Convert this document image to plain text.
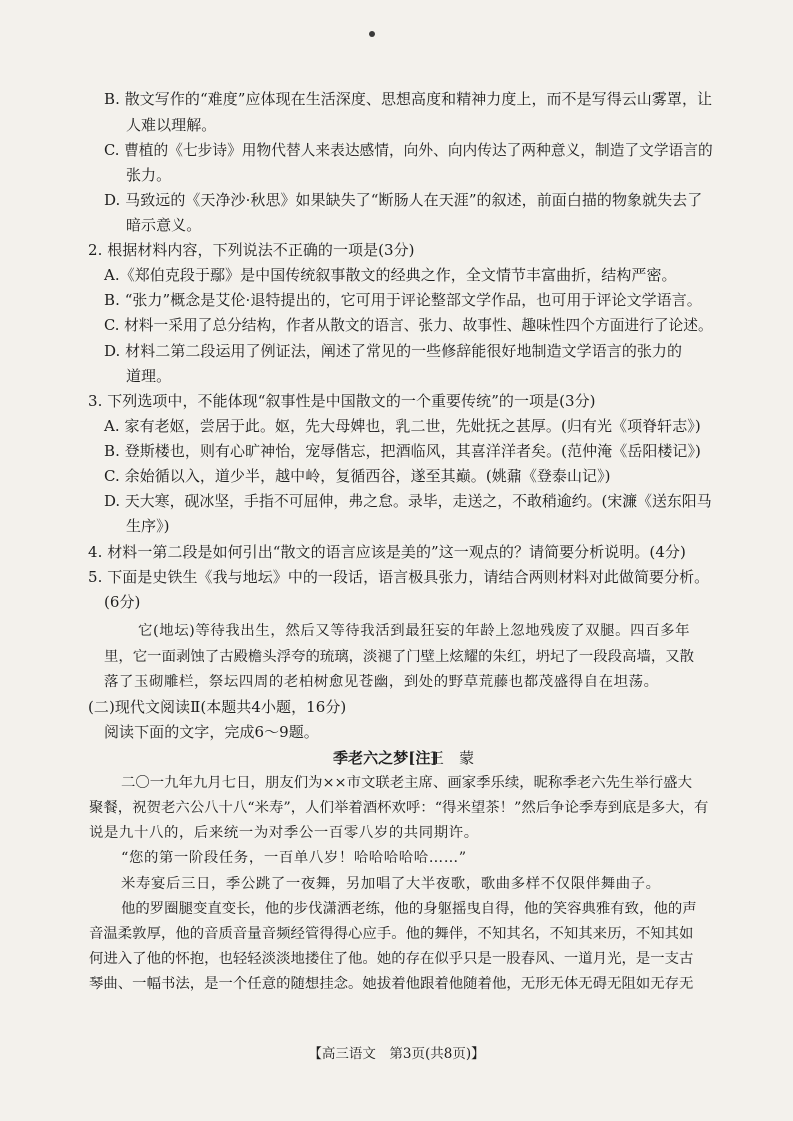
B. 散文写作的“难度”应体现在生活深度、思想高度和精神力度上，而不是写得云山雾罩，让
人难以理解。
C. 曹植的《七步诗》用物代替人来表达感情，向外、向内传达了两种意义，制造了文学语言的
张力。
D. 马致远的《天净沙·秋思》如果缺失了“断肠人在天涯”的叙述，前面白描的物象就失去了
暗示意义。
2. 根据材料内容，下列说法不正确的一项是(3分)
A.《郑伯克段于鄢》是中国传统叙事散文的经典之作，全文情节丰富曲折，结构严密。
B. “张力”概念是艾伦·退特提出的，它可用于评论整部文学作品，也可用于评论文学语言。
C. 材料一采用了总分结构，作者从散文的语言、张力、故事性、趣味性四个方面进行了论述。
D. 材料二第二段运用了例证法，阐述了常见的一些修辞能很好地制造文学语言的张力的
道理。
3. 下列选项中，不能体现“叙事性是中国散文的一个重要传统”的一项是(3分)
A. 家有老妪，尝居于此。妪，先大母婢也，乳二世，先妣抚之甚厚。(归有光《项脊轩志》)
B. 登斯楼也，则有心旷神怡，宠辱偕忘，把酒临风，其喜洋洋者矣。(范仲淹《岳阳楼记》)
C. 余始循以入，道少半，越中岭，复循西谷，遂至其巅。(姚鼐《登泰山记》)
D. 天大寒，砚冰坚，手指不可屈伸，弗之怠。录毕，走送之，不敢稍逾约。(宋濂《送东阳马
生序》)
4. 材料一第二段是如何引出“散文的语言应该是美的”这一观点的？请简要分析说明。(4分)
5. 下面是史铁生《我与地坛》中的一段话，语言极具张力，请结合两则材料对此做简要分析。
(6分)
它(地坛)等待我出生，然后又等待我活到最狂妄的年龄上忽地残废了双腿。四百多年
里，它一面剥蚀了古殿檐头浮夸的琉璃，淡褪了门壁上炫耀的朱红，坍圮了一段段高墙，又散
落了玉砌雕栏，祭坛四周的老柏树愈见苍幽，到处的野草荒藤也都茂盛得自在坦荡。
(二)现代文阅读Ⅱ(本题共4小题，16分)
阅读下面的文字，完成6～9题。
季老六之梦[注]
王　蒙
二〇一九年九月七日，朋友们为××市文联老主席、画家季乐续，昵称季老六先生举行盛大
聚餐，祝贺老六公八十八“米寿”，人们举着酒杯欢呼：“得米望茶！”然后争论季寿到底是多大，有
说是九十八的，后来统一为对季公一百零八岁的共同期许。
“您的第一阶段任务，一百单八岁！哈哈哈哈哈……”
米寿宴后三日，季公跳了一夜舞，另加唱了大半夜歌，歌曲多样不仅限伴舞曲子。
他的罗圈腿变直变长，他的步伐潇洒老练，他的身躯摇曳自得，他的笑容典雅有致，他的声
音温柔敦厚，他的音质音量音频经管得得心应手。他的舞伴，不知其名，不知其来历，不知其如
何进入了他的怀抱，也轻轻淡淡地搂住了他。她的存在似乎只是一股春风、一道月光，是一支古
琴曲、一幅书法，是一个任意的随想挂念。她拔着他跟着他随着他，无形无体无碍无阻如无存无
【高三语文　第3页(共8页)】
